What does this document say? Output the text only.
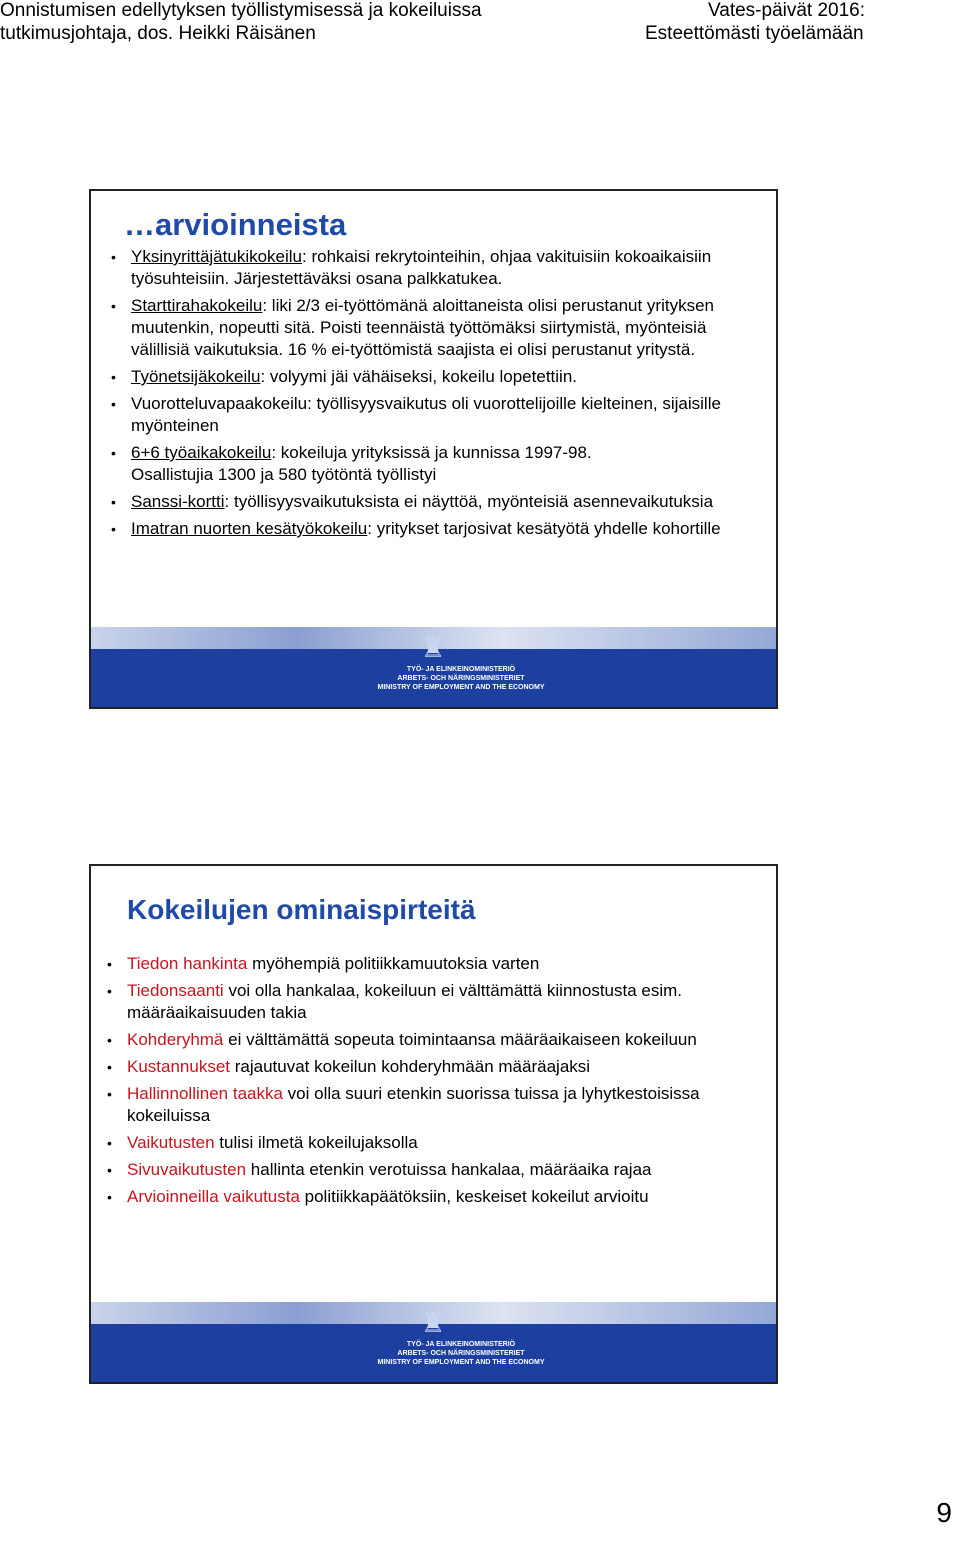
Onnistumisen edellytyksen työllistymisessä ja kokeiluissa
tutkimusjohtaja, dos. Heikki Räisänen
Vates-päivät 2016:
Esteettömästi työelämään
…arvioinneista
• Yksinyrittäjätukikokeilu: rohkaisi rekrytointeihin, ohjaa vakituisiin kokoaikaisiin työsuhteisiin. Järjestettäväksi osana palkkatukea.
• Starttirahakokeilu: liki 2/3 ei-työttömänä aloittaneista olisi perustanut yrityksen muutenkin, nopeutti sitä. Poisti teennäistä työttömäksi siirtymistä, myönteisiä välillisiä vaikutuksia. 16 % ei-työttömistä saajista ei olisi perustanut yritystä.
• Työnetsijäkokeilu: volyymi jäi vähäiseksi, kokeilu lopetettiin.
• Vuorotteluvapaakokeilu: työllisyysvaikutus oli vuorottelijoille kielteinen, sijaisille myönteinen
• 6+6 työaikakokeilu: kokeiluja yrityksissä ja kunnissa 1997-98.
Osallistujia 1300 ja 580 työtöntä työllistyi
• Sanssi-kortti: työllisyysvaikutuksista ei näyttöä, myönteisiä asennevaikutuksia
• Imatran nuorten kesätyökokeilu: yritykset tarjosivat kesätyötä yhdelle kohortille
♜
TYÖ- JA ELINKEINOMINISTERIÖ
ARBETS- OCH NÄRINGSMINISTERIET
MINISTRY OF EMPLOYMENT AND THE ECONOMY
Kokeilujen ominaispirteitä
• Tiedon hankinta myöhempiä politiikkamuutoksia varten
• Tiedonsaanti voi olla hankalaa, kokeiluun ei välttämättä kiinnostusta esim. määräaikaisuuden takia
• Kohderyhmä ei välttämättä sopeuta toimintaansa määräaikaiseen kokeiluun
• Kustannukset rajautuvat kokeilun kohderyhmään määräajaksi
• Hallinnollinen taakka voi olla suuri etenkin suorissa tuissa ja lyhytkestoisissa kokeiluissa
• Vaikutusten tulisi ilmetä kokeilujaksolla
• Sivuvaikutusten hallinta etenkin verotuissa hankalaa, määräaika rajaa
• Arvioinneilla vaikutusta politiikkapäätöksiin, keskeiset kokeilut arvioitu
♜
TYÖ- JA ELINKEINOMINISTERIÖ
ARBETS- OCH NÄRINGSMINISTERIET
MINISTRY OF EMPLOYMENT AND THE ECONOMY
9
